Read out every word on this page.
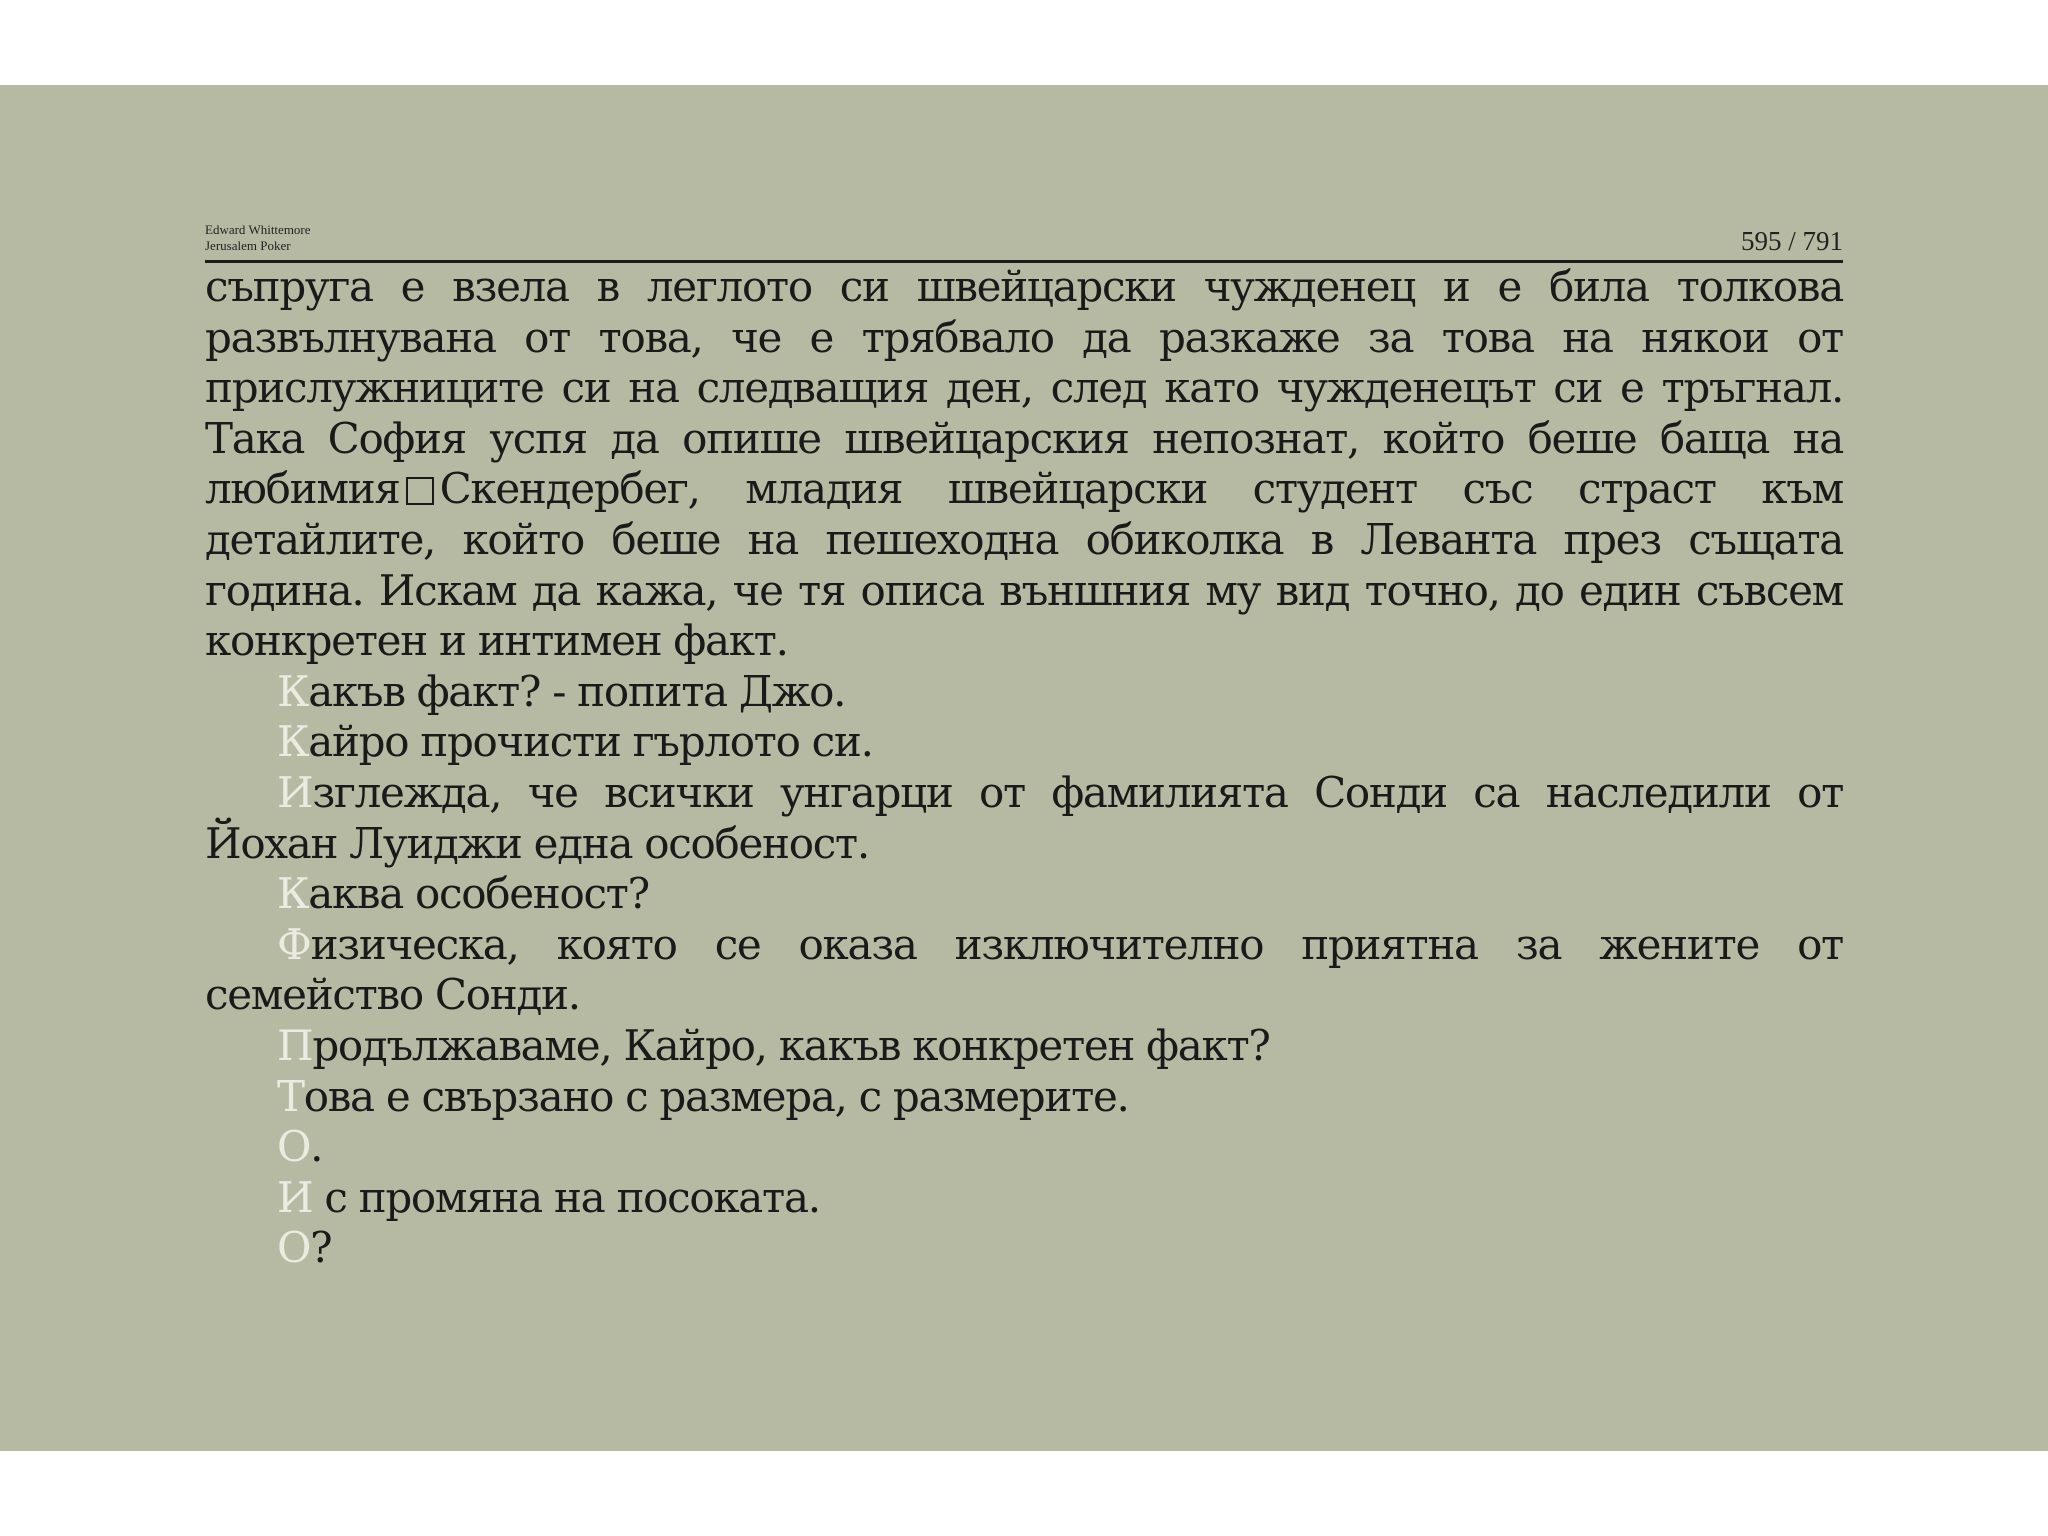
Edward Whittemore
Jerusalem Poker	595 / 791

съпруга е взела в леглото си швейцарски чужденец и е била толкова развълнувана от това, че е трябвало да разкаже за това на някои от прислужниците си на следващия ден, след като чужденецът си е тръгнал. Така София успя да опише швейцарския непознат, който беше баща на любимия Скендербег, младия швейцарски студент със страст към детайлите, който беше на пешеходна обиколка в Леванта през същата година. Искам да кажа, че тя описа външния му вид точно, до един съвсем конкретен и интимен факт.

Какъв факт? - попита Джо.

Кайро прочисти гърлото си.

Изглежда, че всички унгарци от фамилията Сонди са наследили от Йохан Луиджи една особеност.

Каква особеност?

Физическа, която се оказа изключително приятна за жените от семейство Сонди.

Продължаваме, Кайро, какъв конкретен факт?

Това е свързано с размера, с размерите.

О.

И с промяна на посоката.

О?
